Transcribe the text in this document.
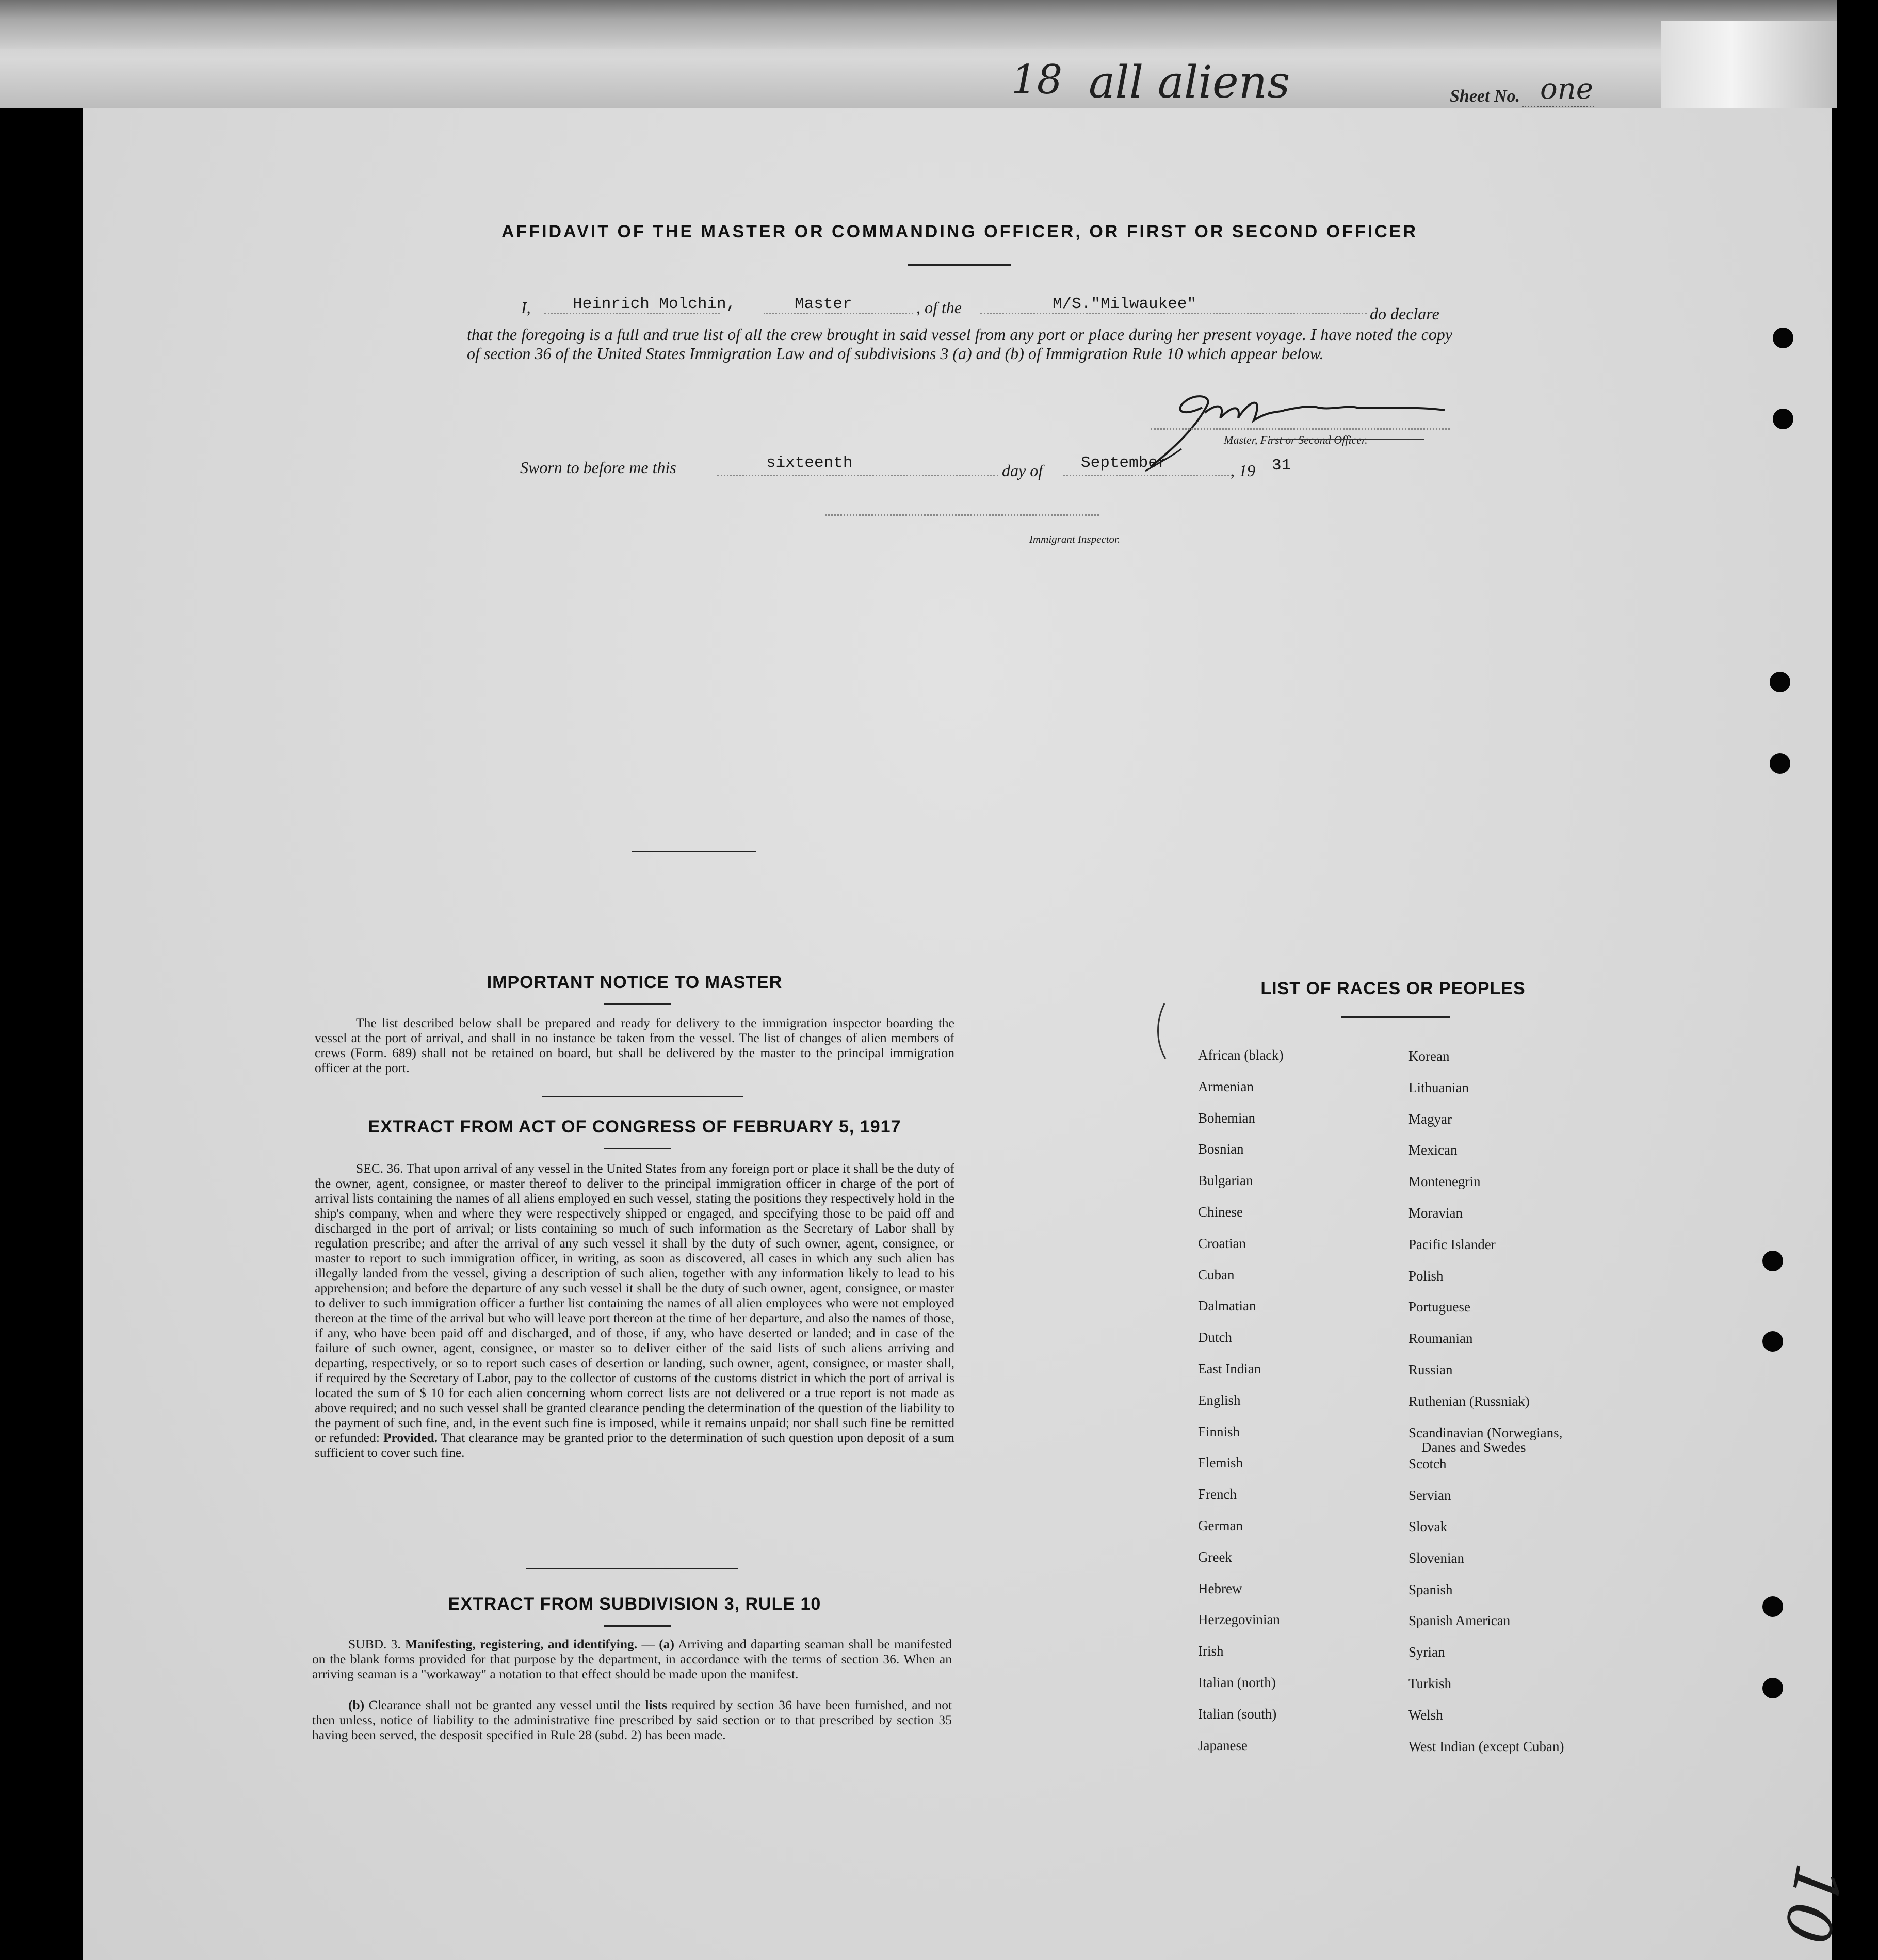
18 all aliens	Sheet No. one
AFFIDAVIT OF THE MASTER OR COMMANDING OFFICER, OR FIRST OR SECOND OFFICER
I,	Heinrich Molchin,	Master	, of the	M/S."Milwaukee"
do declare
that the foregoing is a full and true list of all the crew brought in said vessel from any port or place during her present voyage. I have noted the copy of section 36 of the United States Immigration Law and of subdivisions 3 (a) and (b) of Immigration Rule 10 which appear below.
Master, First or Second Officer.
Sworn to before me this	sixteenth	day of September	, 19 31
Immigrant Inspector.
IMPORTANT NOTICE TO MASTER
The list described below shall be prepared and ready for delivery to the immigration inspector boarding the vessel at the port of arrival, and shall in no instance be taken from the vessel. The list of changes of alien members of crews (Form. 689) shall not be retained on board, but shall be delivered by the master to the principal immigration officer at the port.
EXTRACT FROM ACT OF CONGRESS OF FEBRUARY 5, 1917
SEC. 36. That upon arrival of any vessel in the United States from any foreign port or place it shall be the duty of the owner, agent, consignee, or master thereof to deliver to the principal immigration officer in charge of the port of arrival lists containing the names of all aliens employed en such vessel, stating the positions they respectively hold in the ship's company, when and where they were respectively shipped or engaged, and specifying those to be paid off and discharged in the port of arrival; or lists containing so much of such information as the Secretary of Labor shall by regulation prescribe; and after the arrival of any such vessel it shall by the duty of such owner, agent, consignee, or master to report to such immigration officer, in writing, as soon as discovered, all cases in which any such alien has illegally landed from the vessel, giving a description of such alien, together with any information likely to lead to his apprehension; and before the departure of any such vessel it shall be the duty of such owner, agent, consignee, or master to deliver to such immigration officer a further list containing the names of all alien employees who were not employed thereon at the time of the arrival but who will leave port thereon at the time of her departure, and also the names of those, if any, who have been paid off and discharged, and of those, if any, who have deserted or landed; and in case of the failure of such owner, agent, consignee, or master so to deliver either of the said lists of such aliens arriving and departing, respectively, or so to report such cases of desertion or landing, such owner, agent, consignee, or master shall, if required by the Secretary of Labor, pay to the collector of customs of the customs district in which the port of arrival is located the sum of $ 10 for each alien concerning whom correct lists are not delivered or a true report is not made as above required; and no such vessel shall be granted clearance pending the determination of the question of the liability to the payment of such fine, and, in the event such fine is imposed, while it remains unpaid; nor shall such fine be remitted or refunded: Provided. That clearance may be granted prior to the determination of such question upon deposit of a sum sufficient to cover such fine.
EXTRACT FROM SUBDIVISION 3, RULE 10
SUBD. 3. Manifesting, registering, and identifying. — (a) Arriving and daparting seaman shall be manifested on the blank forms provided for that purpose by the department, in accordance with the terms of section 36. When an arriving seaman is a "workaway" a notation to that effect should be made upon the manifest.
(b) Clearance shall not be granted any vessel until the lists required by section 36 have been furnished, and not then unless, notice of liability to the administrative fine prescribed by said section or to that prescribed by section 35 having been served, the desposit specified in Rule 28 (subd. 2) has been made.
LIST OF RACES OR PEOPLES
Danes and Swedes
10
African (black)
Armenian
Bohemian
Bosnian
Bulgarian
Chinese
Croatian
Cuban
Dalmatian
Dutch
East Indian
English
Finnish
Flemish
French
German
Greek
Hebrew
Herzegovinian
Irish
Italian (north)
Italian (south)
Japanese
Korean
Lithuanian
Magyar
Mexican
Montenegrin
Moravian
Pacific Islander
Polish
Portuguese
Roumanian
Russian
Ruthenian (Russniak)
Scandinavian (Norwegians,
Scotch
Servian
Slovak
Slovenian
Spanish
Spanish American
Syrian
Turkish
Welsh
West Indian (except Cuban)
